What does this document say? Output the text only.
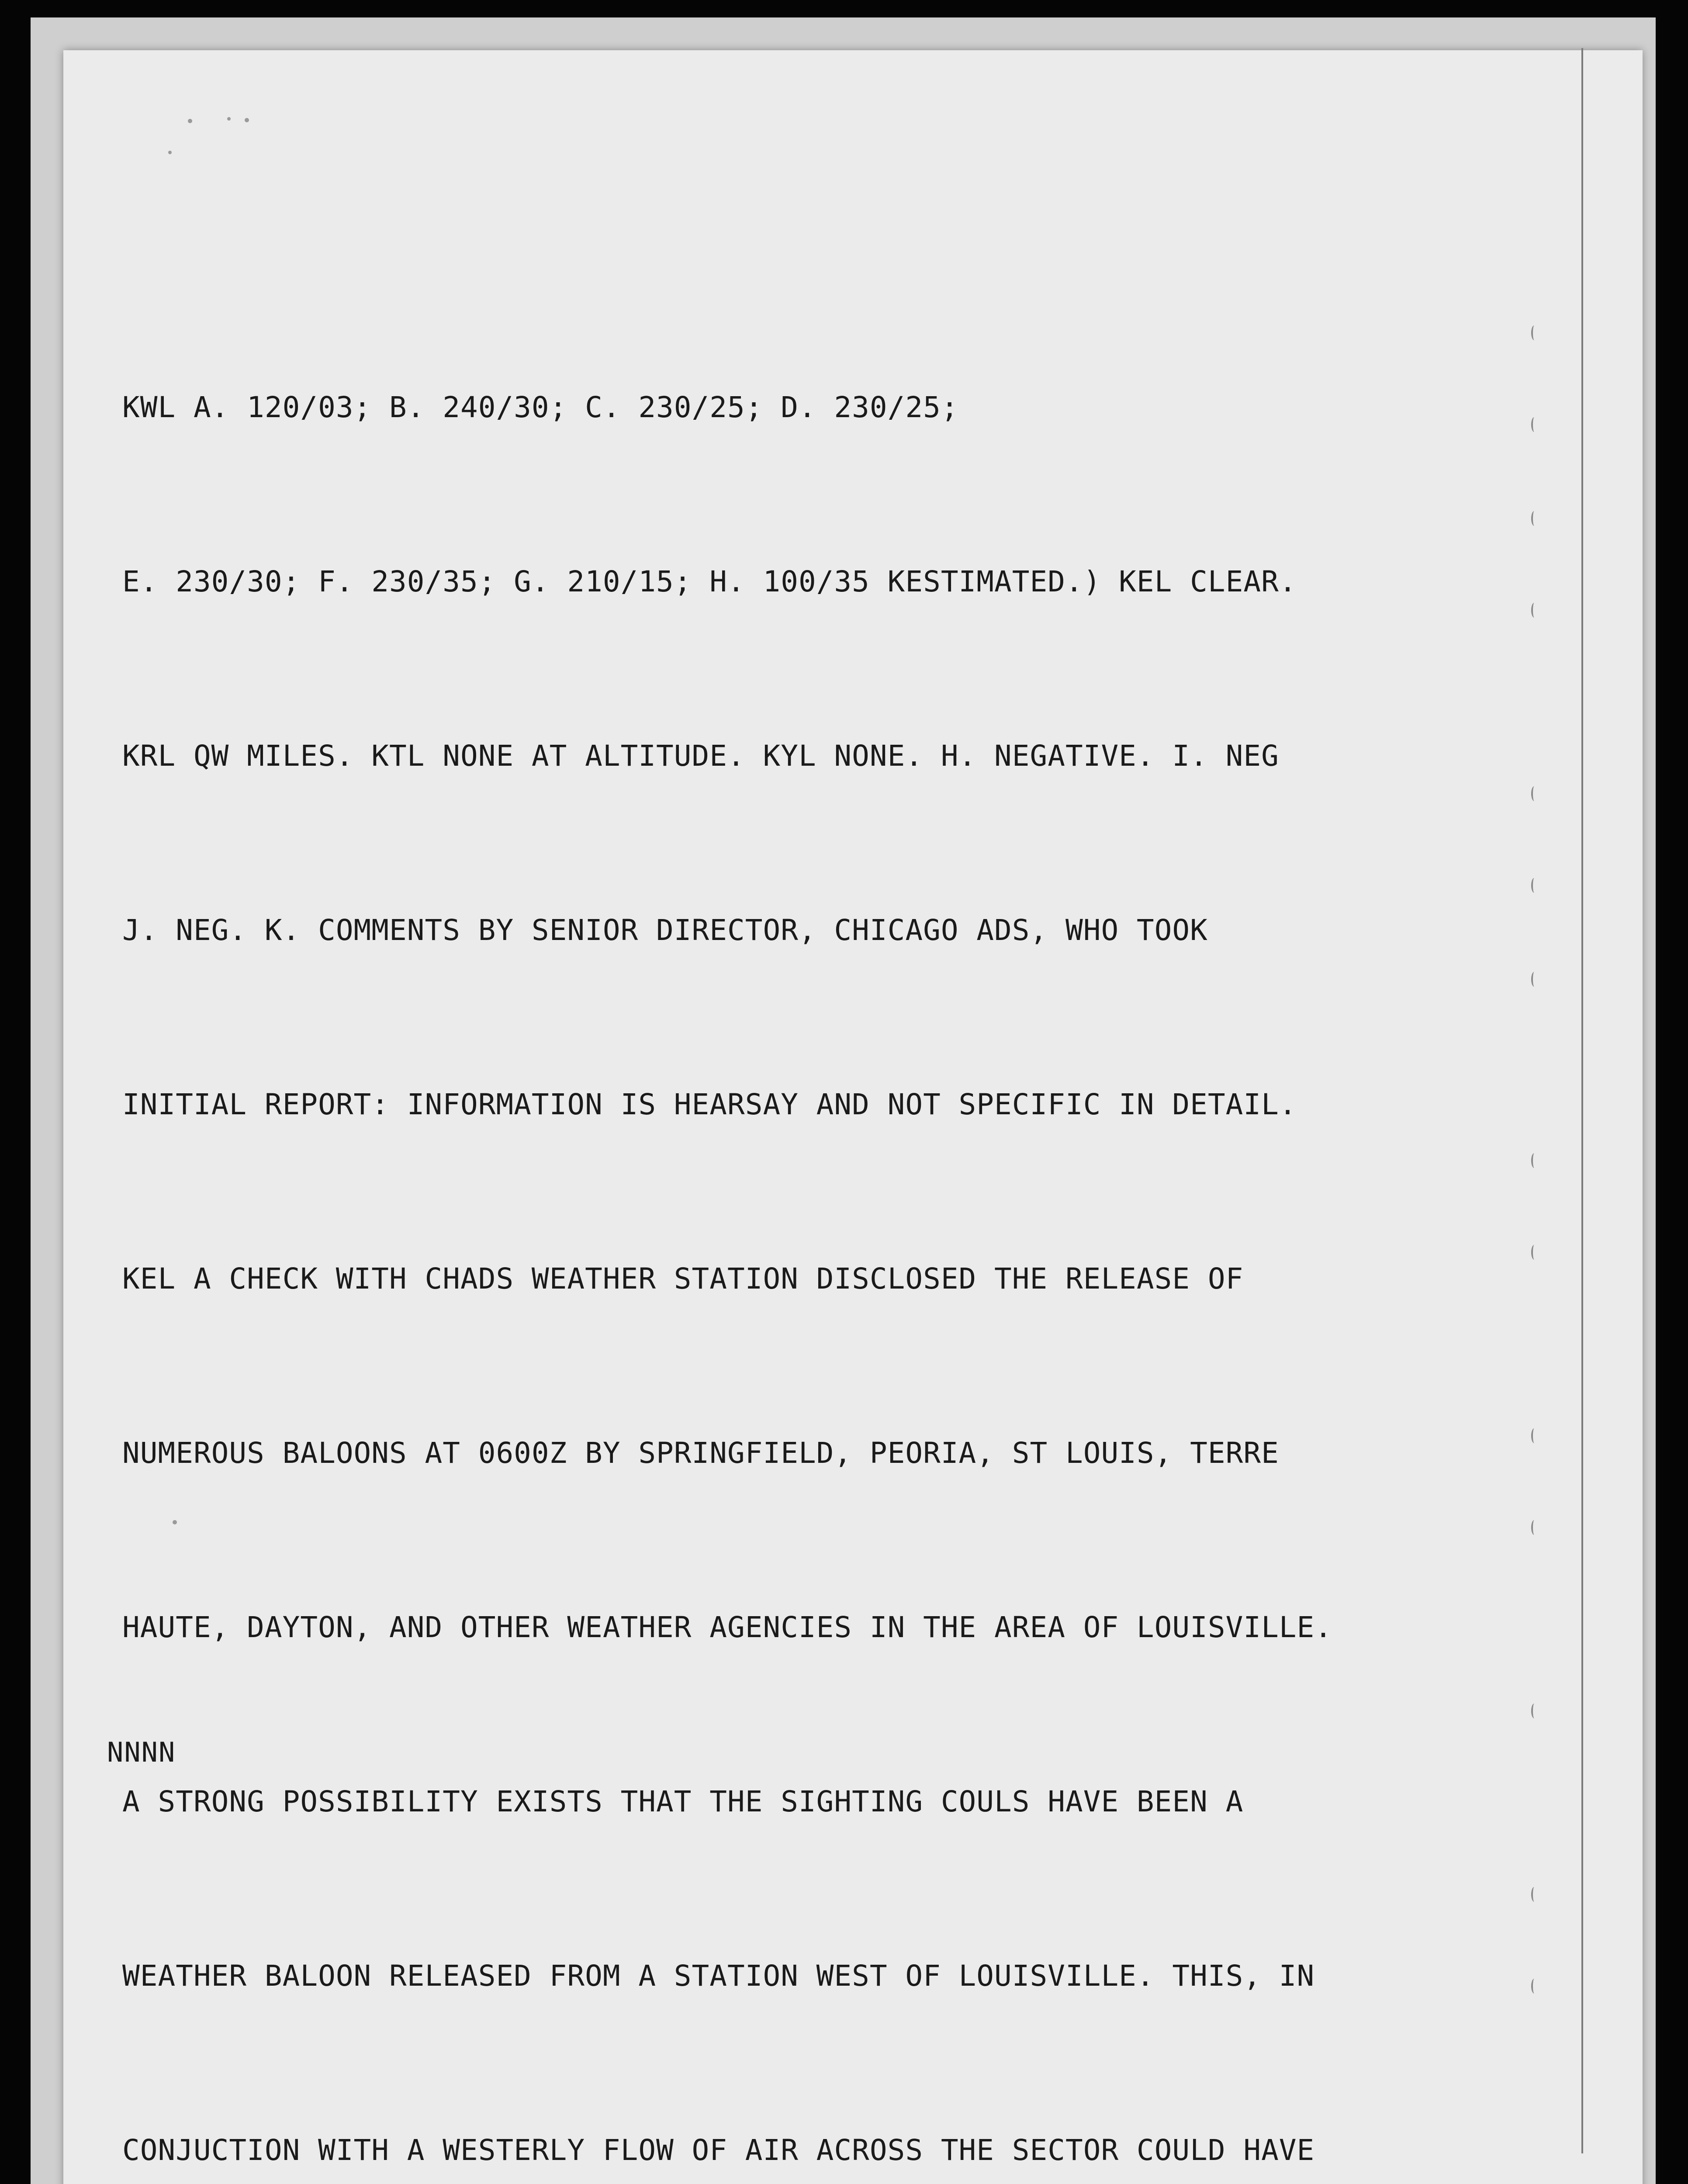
KWL A. 120/03; B. 240/30; C. 230/25; D. 230/25;

E. 230/30; F. 230/35; G. 210/15; H. 100/35 KESTIMATED.) KEL CLEAR.

KRL QW MILES. KTL NONE AT ALTITUDE. KYL NONE. H. NEGATIVE. I. NEG

J. NEG. K. COMMENTS BY SENIOR DIRECTOR, CHICAGO ADS, WHO TOOK

INITIAL REPORT: INFORMATION IS HEARSAY AND NOT SPECIFIC IN DETAIL.

KEL A CHECK WITH CHADS WEATHER STATION DISCLOSED THE RELEASE OF

NUMEROUS BALOONS AT 0600Z BY SPRINGFIELD, PEORIA, ST LOUIS, TERRE

HAUTE, DAYTON, AND OTHER WEATHER AGENCIES IN THE AREA OF LOUISVILLE.

A STRONG POSSIBILITY EXISTS THAT THE SIGHTING COULS HAVE BEEN A

WEATHER BALOON RELEASED FROM A STATION WEST OF LOUISVILLE. THIS, IN

CONJUCTION WITH A WESTERLY FLOW OF AIR ACROSS THE SECTOR COULD HAVE

NNNN
